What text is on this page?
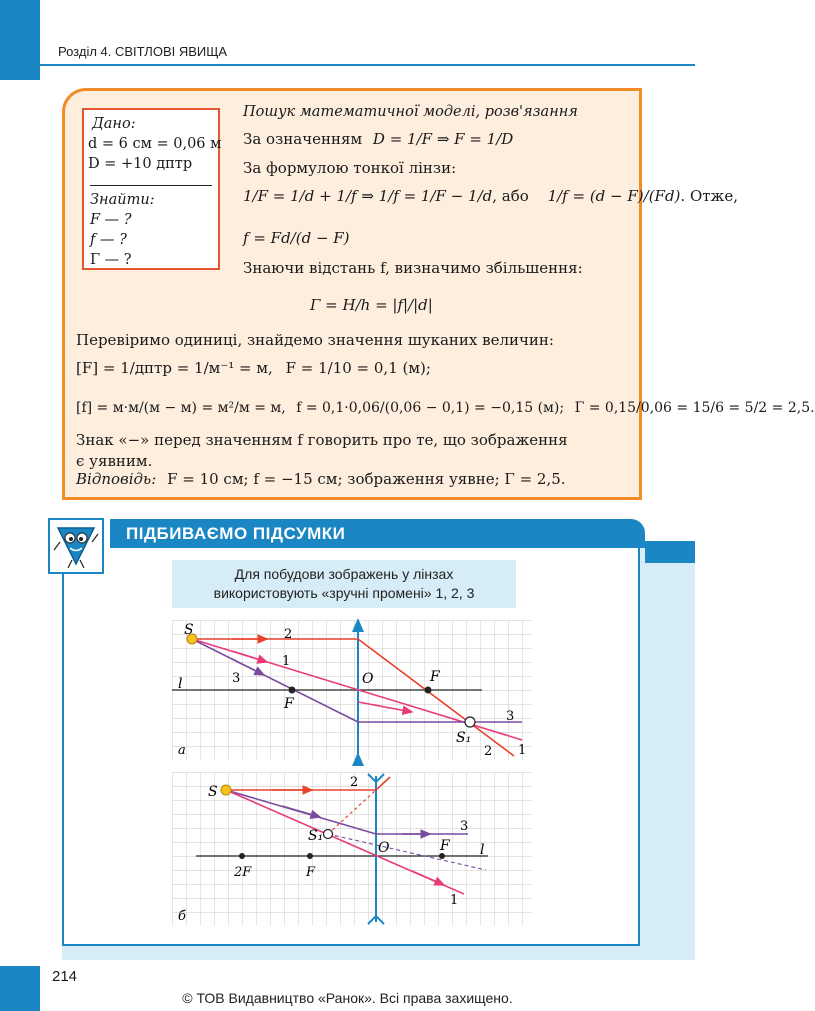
Розділ 4. СВІТЛОВІ ЯВИЩА
Дано:
d = 6 см = 0,06 м
D = +10 дптр
Знайти:
F — ?
f — ?
Γ — ?
Пошук математичної моделі, розв'язання
За означенням D = 1/F ⇒ F = 1/D
За формулою тонкої лінзи:
1/F = 1/d + 1/f ⇒ 1/f = 1/F − 1/d, або 1/f = (d − F)/(Fd). Отже,
f = Fd/(d − F)
Знаючи відстань f, визначимо збільшення:
Γ = H/h = |f|/|d|
Перевіримо одиниці, знайдемо значення шуканих величин:
[F] = 1/дптр = 1/м⁻¹ = м, F = 1/10 = 0,1 (м);
[f] = м·м/(м − м) = м²/м = м, f = 0,1·0,06/(0,06 − 0,1) = −0,15 (м); Γ = 0,15/0,06 = 15/6 = 5/2 = 2,5.
Знак «−» перед значенням f говорить про те, що зображення
є уявним.
Відповідь: F = 10 см; f = −15 см; зображення уявне; Γ = 2,5.
ПІДБИВАЄМО ПІДСУМКИ
Для побудови зображень у лінзах
використовують «зручні промені» 1, 2, 3
S	2
1
3
l	O
F
F
S₁
3
2 1
а
S
2
3
S₁
O	F l
2F	F
1
б
214
© ТОВ Видавництво «Ранок». Всі права захищено.
